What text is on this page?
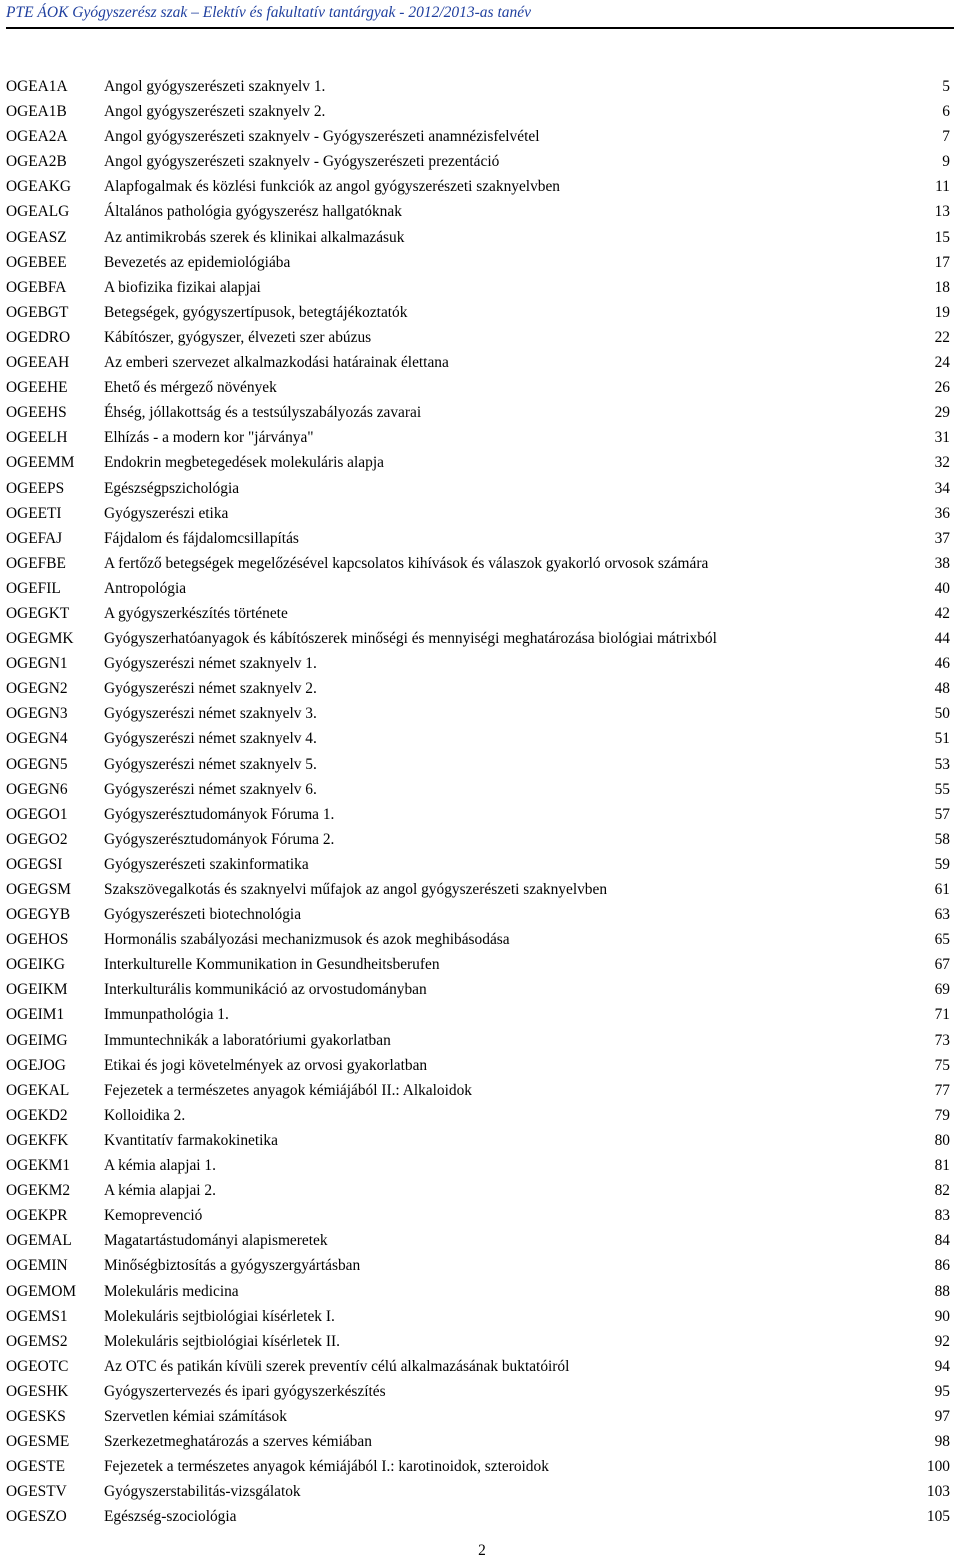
PTE ÁOK Gyógyszerész szak – Elektív és fakultatív tantárgyak - 2012/2013-as tanév
OGEA1A Angol gyógyszerészeti szaknyelv 1.	5
OGEA1B Angol gyógyszerészeti szaknyelv 2.	6
OGEA2A Angol gyógyszerészeti szaknyelv - Gyógyszerészeti anamnézisfelvétel	7
OGEA2B Angol gyógyszerészeti szaknyelv - Gyógyszerészeti prezentáció	9
OGEAKG Alapfogalmak és közlési funkciók az angol gyógyszerészeti szaknyelvben	11
OGEALG Általános pathológia gyógyszerész hallgatóknak	13
OGEASZ Az antimikrobás szerek és klinikai alkalmazásuk	15
OGEBEE Bevezetés az epidemiológiába	17
OGEBFA A biofizika fizikai alapjai	18
OGEBGT Betegségek, gyógyszertípusok, betegtájékoztatók	19
OGEDRO Kábítószer, gyógyszer, élvezeti szer abúzus	22
OGEEAH Az emberi szervezet alkalmazkodási határainak élettana	24
OGEEHE Ehető és mérgező növények	26
OGEEHS Éhség, jóllakottság és a testsúlyszabályozás zavarai	29
OGEELH Elhízás - a modern kor "járványa"	31
OGEEMM Endokrin megbetegedések molekuláris alapja	32
OGEEPS	Egészségpszichológia	34
OGEETI	Gyógyszerészi etika	36
OGEFAJ	Fájdalom és fájdalomcsillapítás	37
OGEFBE A fertőző betegségek megelőzésével kapcsolatos kihívások és válaszok gyakorló orvosok számára	38
OGEFIL	Antropológia	40
OGEGKT A gyógyszerkészítés története	42
OGEGMK Gyógyszerhatóanyagok és kábítószerek minőségi és mennyiségi meghatározása biológiai mátrixból	44
OGEGN1 Gyógyszerészi német szaknyelv 1.	46
OGEGN2 Gyógyszerészi német szaknyelv 2.	48
OGEGN3 Gyógyszerészi német szaknyelv 3.	50
OGEGN4 Gyógyszerészi német szaknyelv 4.	51
OGEGN5 Gyógyszerészi német szaknyelv 5.	53
OGEGN6 Gyógyszerészi német szaknyelv 6.	55
OGEGO1 Gyógyszerésztudományok Fóruma 1.	57
OGEGO2 Gyógyszerésztudományok Fóruma 2.	58
OGEGSI	Gyógyszerészeti szakinformatika	59
OGEGSM Szakszövegalkotás és szaknyelvi műfajok az angol gyógyszerészeti szaknyelvben	61
OGEGYB Gyógyszerészeti biotechnológia	63
OGEHOS Hormonális szabályozási mechanizmusok és azok meghibásodása	65
OGEIKG	Interkulturelle Kommunikation in Gesundheitsberufen	67
OGEIKM Interkulturális kommunikáció az orvostudományban	69
OGEIM1	Immunpathológia 1.	71
OGEIMG Immuntechnikák a laboratóriumi gyakorlatban	73
OGEJOG Etikai és jogi követelmények az orvosi gyakorlatban	75
OGEKAL Fejezetek a természetes anyagok kémiájából II.: Alkaloidok	77
OGEKD2 Kolloidika 2.	79
OGEKFK Kvantitatív farmakokinetika	80
OGEKM1 A kémia alapjai 1.	81
OGEKM2 A kémia alapjai 2.	82
OGEKPR Kemoprevenció	83
OGEMAL Magatartástudományi alapismeretek	84
OGEMIN Minőségbiztosítás a gyógyszergyártásban	86
OGEMOM Molekuláris medicina	88
OGEMS1 Molekuláris sejtbiológiai kísérletek I.	90
OGEMS2 Molekuláris sejtbiológiai kísérletek II.	92
OGEOTC Az OTC és patikán kívüli szerek preventív célú alkalmazásának buktatóiról	94
OGESHK Gyógyszertervezés és ipari gyógyszerkészítés	95
OGESKS Szervetlen kémiai számítások	97
OGESME Szerkezetmeghatározás a szerves kémiában	98
OGESTE	Fejezetek a természetes anyagok kémiájából I.: karotinoidok, szteroidok	100
OGESTV Gyógyszerstabilitás-vizsgálatok	103
OGESZO Egészség-szociológia	105
2
